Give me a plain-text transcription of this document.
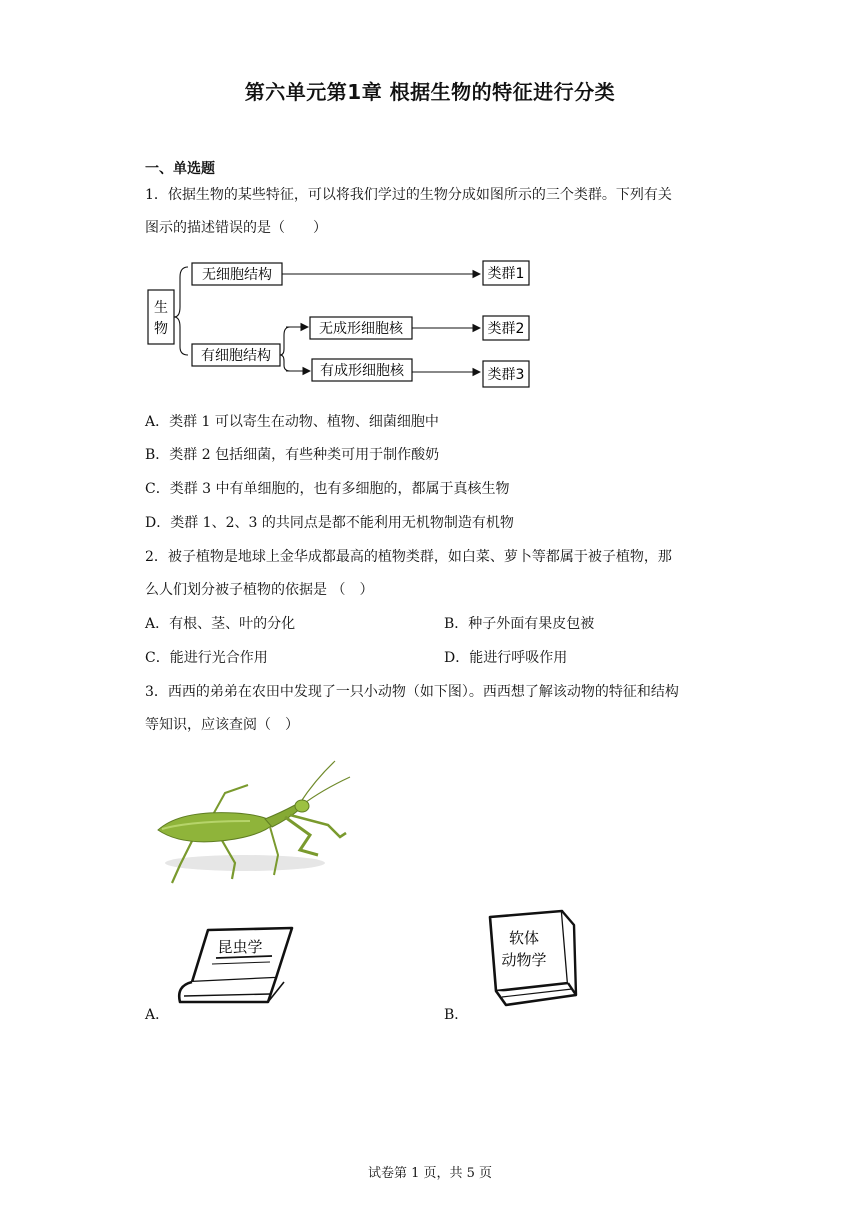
第六单元第1章 根据生物的特征进行分类
一、单选题
1．依据生物的某些特征，可以将我们学过的生物分成如图所示的三个类群。下列有关
图示的描述错误的是（　　）
生
物
无细胞结构
有细胞结构
无成形细胞核
有成形细胞核
类群1
类群2
类群3
A．类群 1 可以寄生在动物、植物、细菌细胞中
B．类群 2 包括细菌，有些种类可用于制作酸奶
C．类群 3 中有单细胞的，也有多细胞的，都属于真核生物
D．类群 1、2、3 的共同点是都不能利用无机物制造有机物
2．被子植物是地球上金华成都最高的植物类群，如白菜、萝卜等都属于被子植物，那
么人们划分被子植物的依据是 （　）
A．有根、茎、叶的分化	B．种子外面有果皮包被
C．能进行光合作用	D．能进行呼吸作用
3．西西的弟弟在农田中发现了一只小动物（如下图）。西西想了解该动物的特征和结构
等知识，应该查阅（　）
A．
昆虫学
B．
软体
动物学
试卷第 1 页，共 5 页
